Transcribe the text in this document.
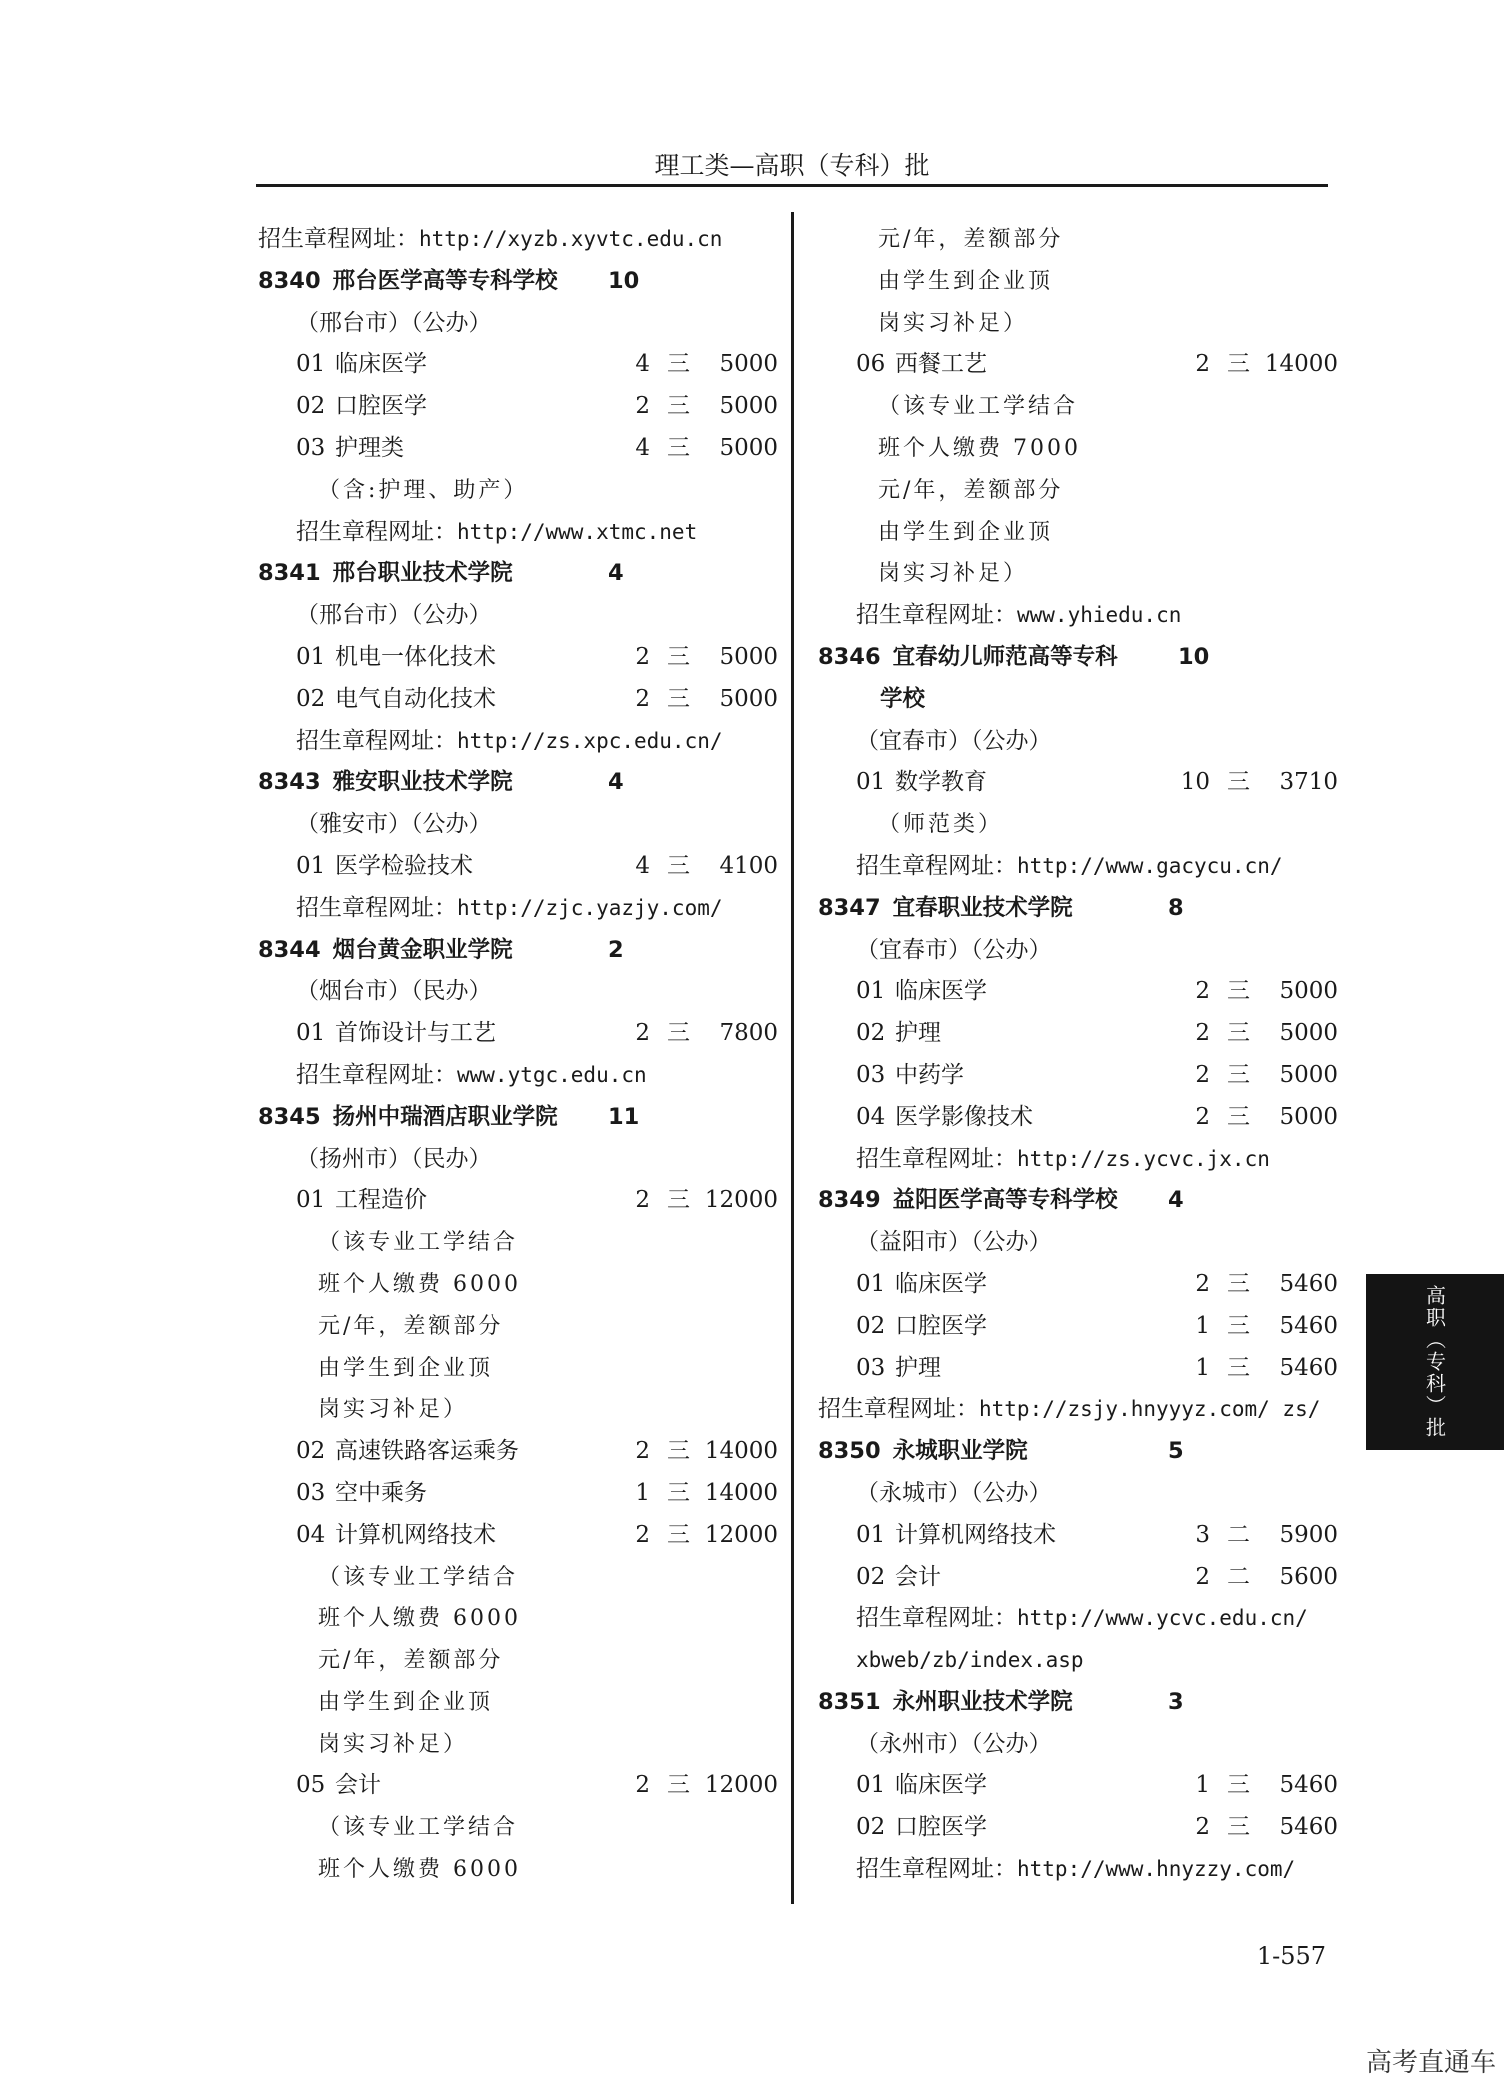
理工类—高职（专科）批
招生章程网址：http://xyzb.xyvtc.edu.cn
8340 邢台医学高等专科学校 10
（邢台市）（公办）
01 临床医学	4 三 5000
02 口腔医学	2 三 5000
03 护理类	4 三 5000
（含:护理、助产）
招生章程网址：http://www.xtmc.net
8341 邢台职业技术学院	4
（邢台市）（公办）
01 机电一体化技术	2 三 5000
02 电气自动化技术	2 三 5000
招生章程网址：http://zs.xpc.edu.cn/
8343 雅安职业技术学院	4
（雅安市）（公办）
01 医学检验技术	4 三 4100
招生章程网址：http://zjc.yazjy.com/
8344 烟台黄金职业学院	2
（烟台市）（民办）
01 首饰设计与工艺	2 三 7800
招生章程网址：www.ytgc.edu.cn
8345 扬州中瑞酒店职业学院 11
（扬州市）（民办）
01 工程造价	2 三 12000
（该专业工学结合
班个人缴费 6000
元/年，差额部分
由学生到企业顶
岗实习补足）
02 高速铁路客运乘务	2 三 14000
03 空中乘务	1 三 14000
04 计算机网络技术	2 三 12000
（该专业工学结合
班个人缴费 6000
元/年，差额部分
由学生到企业顶
岗实习补足）
05 会计	2 三 12000
（该专业工学结合
班个人缴费 6000
元/年，差额部分
由学生到企业顶
岗实习补足）
06 西餐工艺	2 三 14000
（该专业工学结合
班个人缴费 7000
元/年，差额部分
由学生到企业顶
岗实习补足）
招生章程网址：www.yhiedu.cn
8346 宜春幼儿师范高等专科	10
学校
（宜春市）（公办）
01 数学教育	10 三 3710
（师范类）
招生章程网址：http://www.gacycu.cn/
8347 宜春职业技术学院	8
（宜春市）（公办）
01 临床医学	2 三 5000
02 护理	2 三 5000
03 中药学	2 三 5000
04 医学影像技术	2 三 5000
招生章程网址：http://zs.ycvc.jx.cn
8349 益阳医学高等专科学校 4
（益阳市）（公办）
01 临床医学	2 三 5460
02 口腔医学	1 三 5460
03 护理	1 三 5460
招生章程网址：http://zsjy.hnyyyz.com/ zs/
8350 永城职业学院	5
（永城市）（公办）
01 计算机网络技术	3 二 5900
02 会计	2 二 5600
招生章程网址：http://www.ycvc.edu.cn/
xbweb/zb/index.asp
8351 永州职业技术学院	3
（永州市）（公办）
01 临床医学	1 三 5460
02 口腔医学	2 三 5460
招生章程网址：http://www.hnyzzy.com/
高职（专科）批
1-557
高考直通车
